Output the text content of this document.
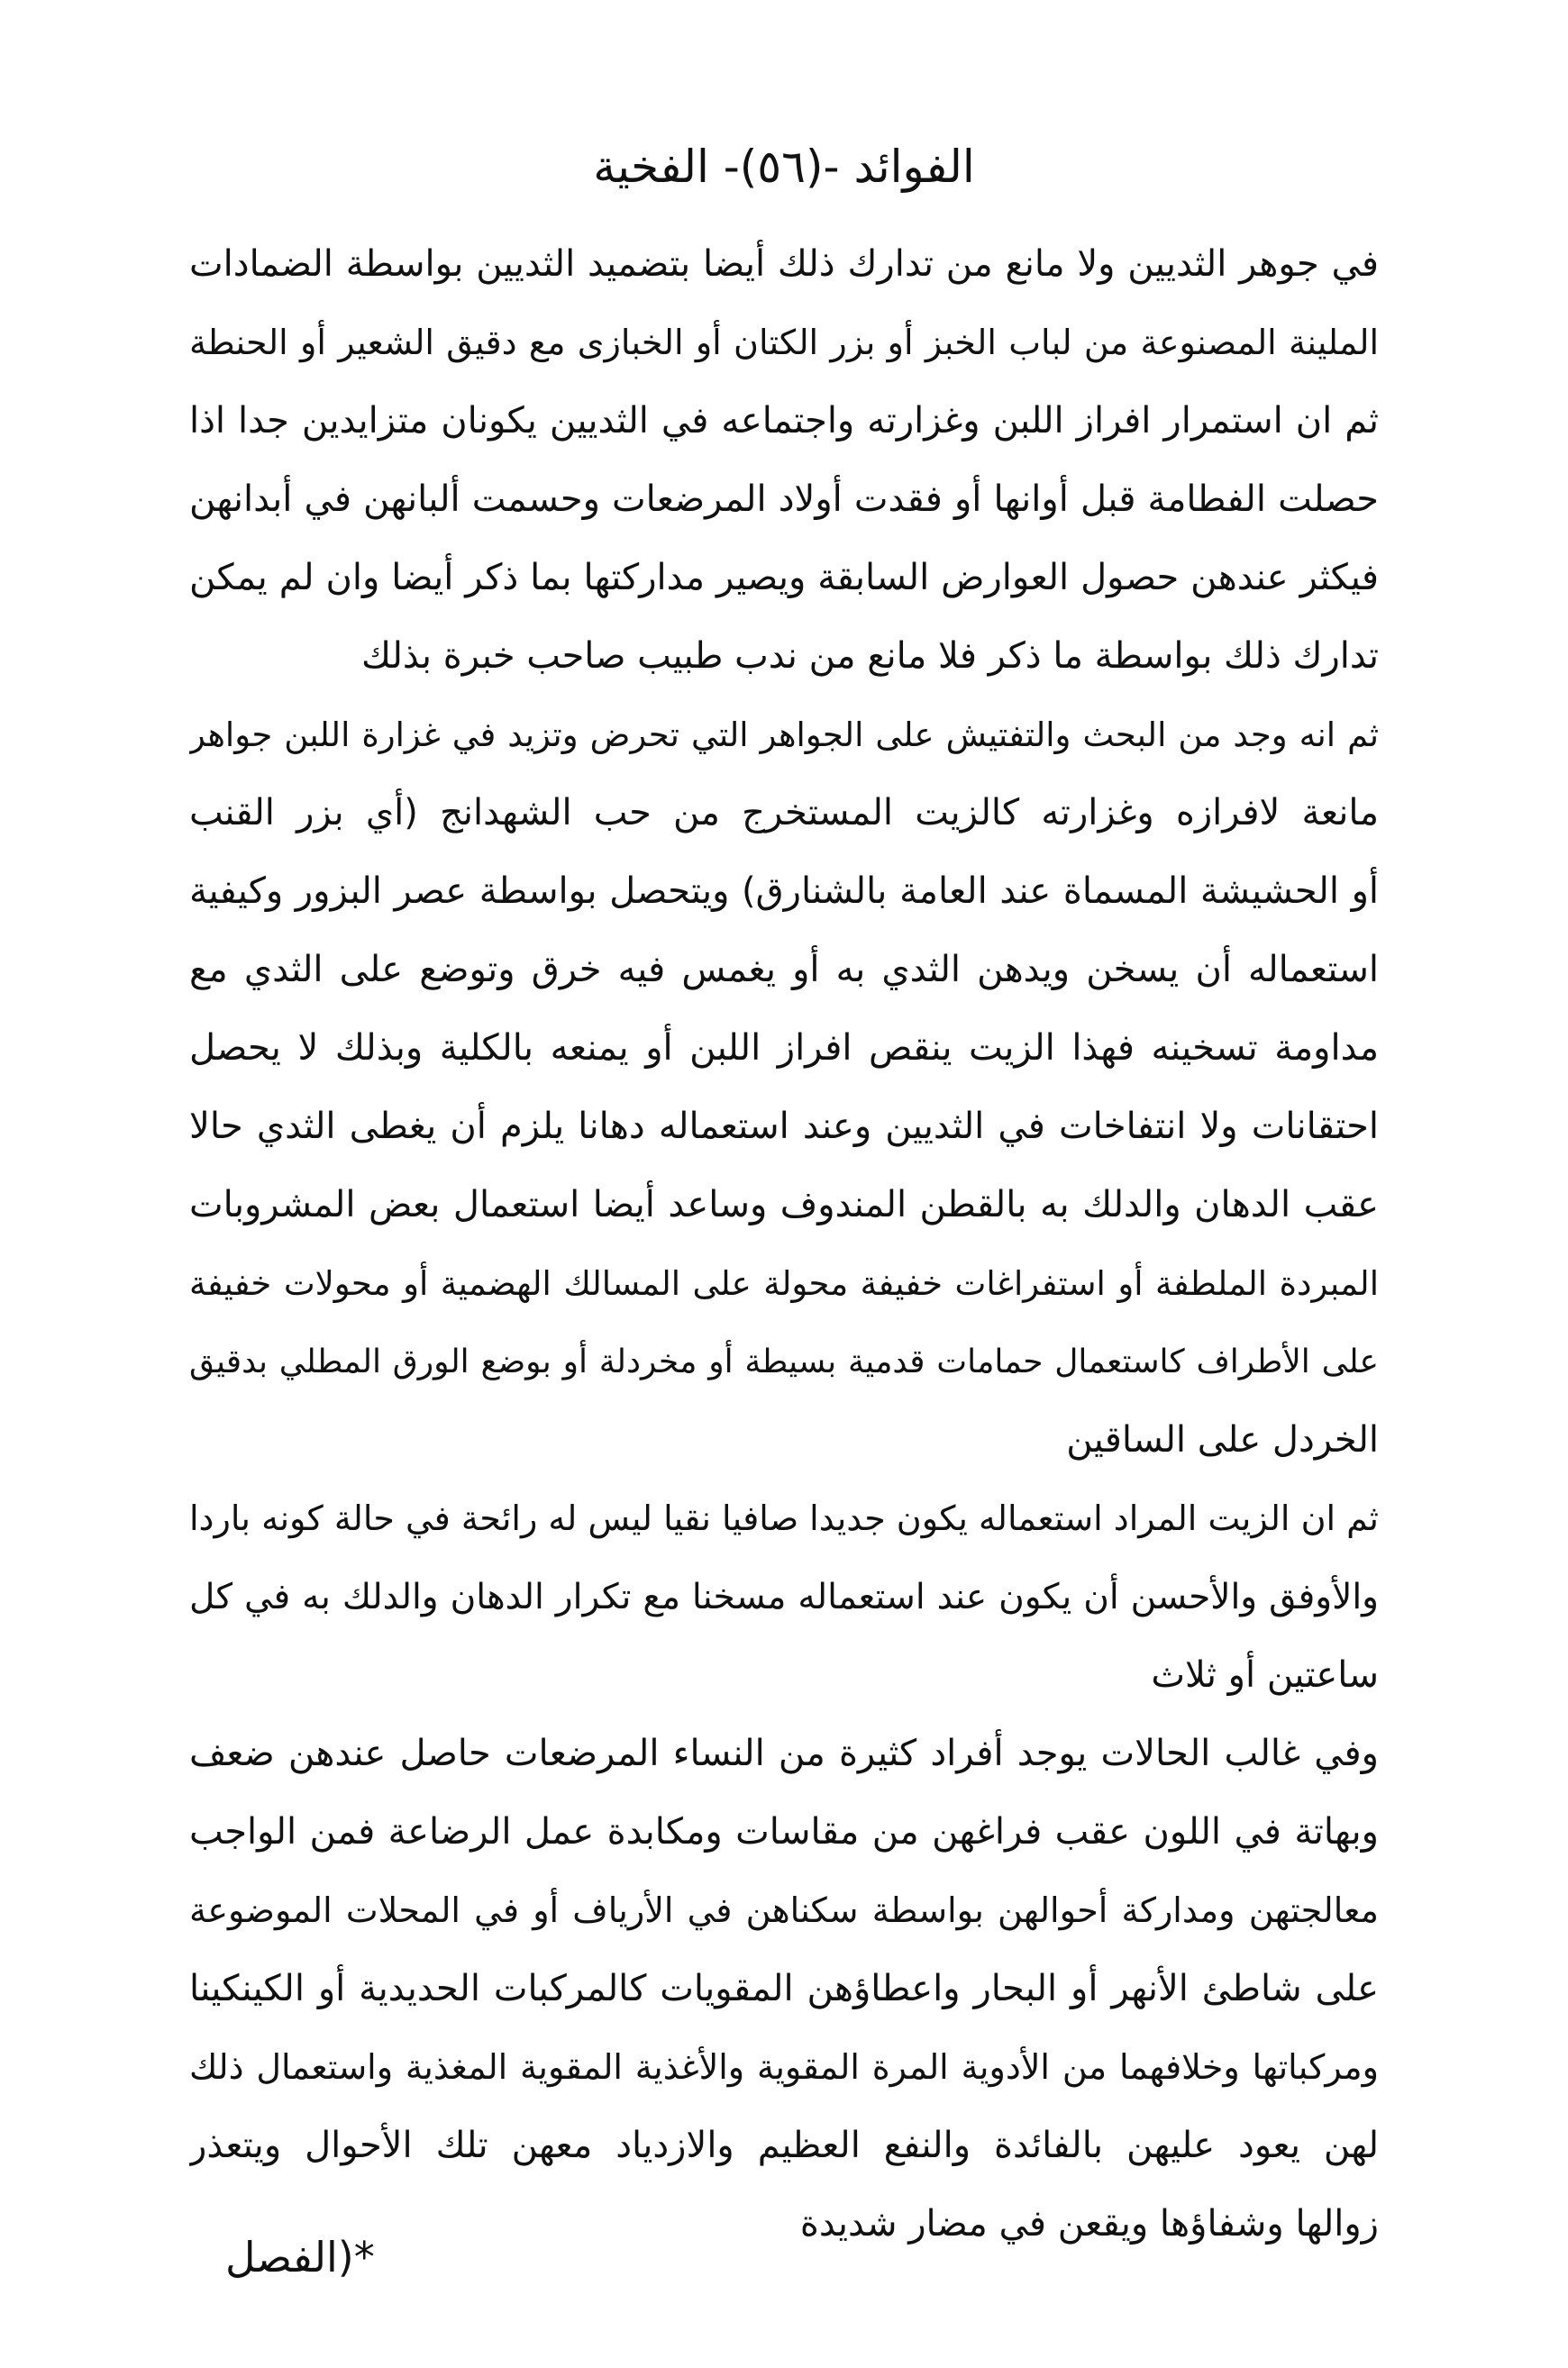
الفوائد -(٥٦)- الفخية
في جوهر الثديين ولا مانع من تدارك ذلك أيضا بتضميد الثديين بواسطة الضمادات
الملينة المصنوعة من لباب الخبز أو بزر الكتان أو الخبازى مع دقيق الشعير أو الحنطة
ثم ان استمرار افراز اللبن وغزارته واجتماعه في الثديين يكونان متزايدين جدا اذا
حصلت الفطامة قبل أوانها أو فقدت أولاد المرضعات وحسمت ألبانهن في أبدانهن
فيكثر عندهن حصول العوارض السابقة ويصير مداركتها بما ذكر أيضا وان لم يمكن
تدارك ذلك بواسطة ما ذكر فلا مانع من ندب طبيب صاحب خبرة بذلك
ثم انه وجد من البحث والتفتيش على الجواهر التي تحرض وتزيد في غزارة اللبن جواهر
مانعة لافرازه وغزارته كالزيت المستخرج من حب الشهدانج (أي بزر القنب
أو الحشيشة المسماة عند العامة بالشنارق) ويتحصل بواسطة عصر البزور وكيفية
استعماله أن يسخن ويدهن الثدي به أو يغمس فيه خرق وتوضع على الثدي مع
مداومة تسخينه فهذا الزيت ينقص افراز اللبن أو يمنعه بالكلية وبذلك لا يحصل
احتقانات ولا انتفاخات في الثديين وعند استعماله دهانا يلزم أن يغطى الثدي حالا
عقب الدهان والدلك به بالقطن المندوف وساعد أيضا استعمال بعض المشروبات
المبردة الملطفة أو استفراغات خفيفة محولة على المسالك الهضمية أو محولات خفيفة
على الأطراف كاستعمال حمامات قدمية بسيطة أو مخردلة أو بوضع الورق المطلي بدقيق
الخردل على الساقين
ثم ان الزيت المراد استعماله يكون جديدا صافيا نقيا ليس له رائحة في حالة كونه باردا
والأوفق والأحسن أن يكون عند استعماله مسخنا مع تكرار الدهان والدلك به في كل
ساعتين أو ثلاث
وفي غالب الحالات يوجد أفراد كثيرة من النساء المرضعات حاصل عندهن ضعف
وبهاتة في اللون عقب فراغهن من مقاسات ومكابدة عمل الرضاعة فمن الواجب
معالجتهن ومداركة أحوالهن بواسطة سكناهن في الأرياف أو في المحلات الموضوعة
على شاطئ الأنهر أو البحار واعطاؤهن المقويات كالمركبات الحديدية أو الكينكينا
ومركباتها وخلافهما من الأدوية المرة المقوية والأغذية المقوية المغذية واستعمال ذلك
لهن يعود عليهن بالفائدة والنفع العظيم والازدياد معهن تلك الأحوال ويتعذر
زوالها وشفاؤها ويقعن في مضار شديدة
*(الفصل
